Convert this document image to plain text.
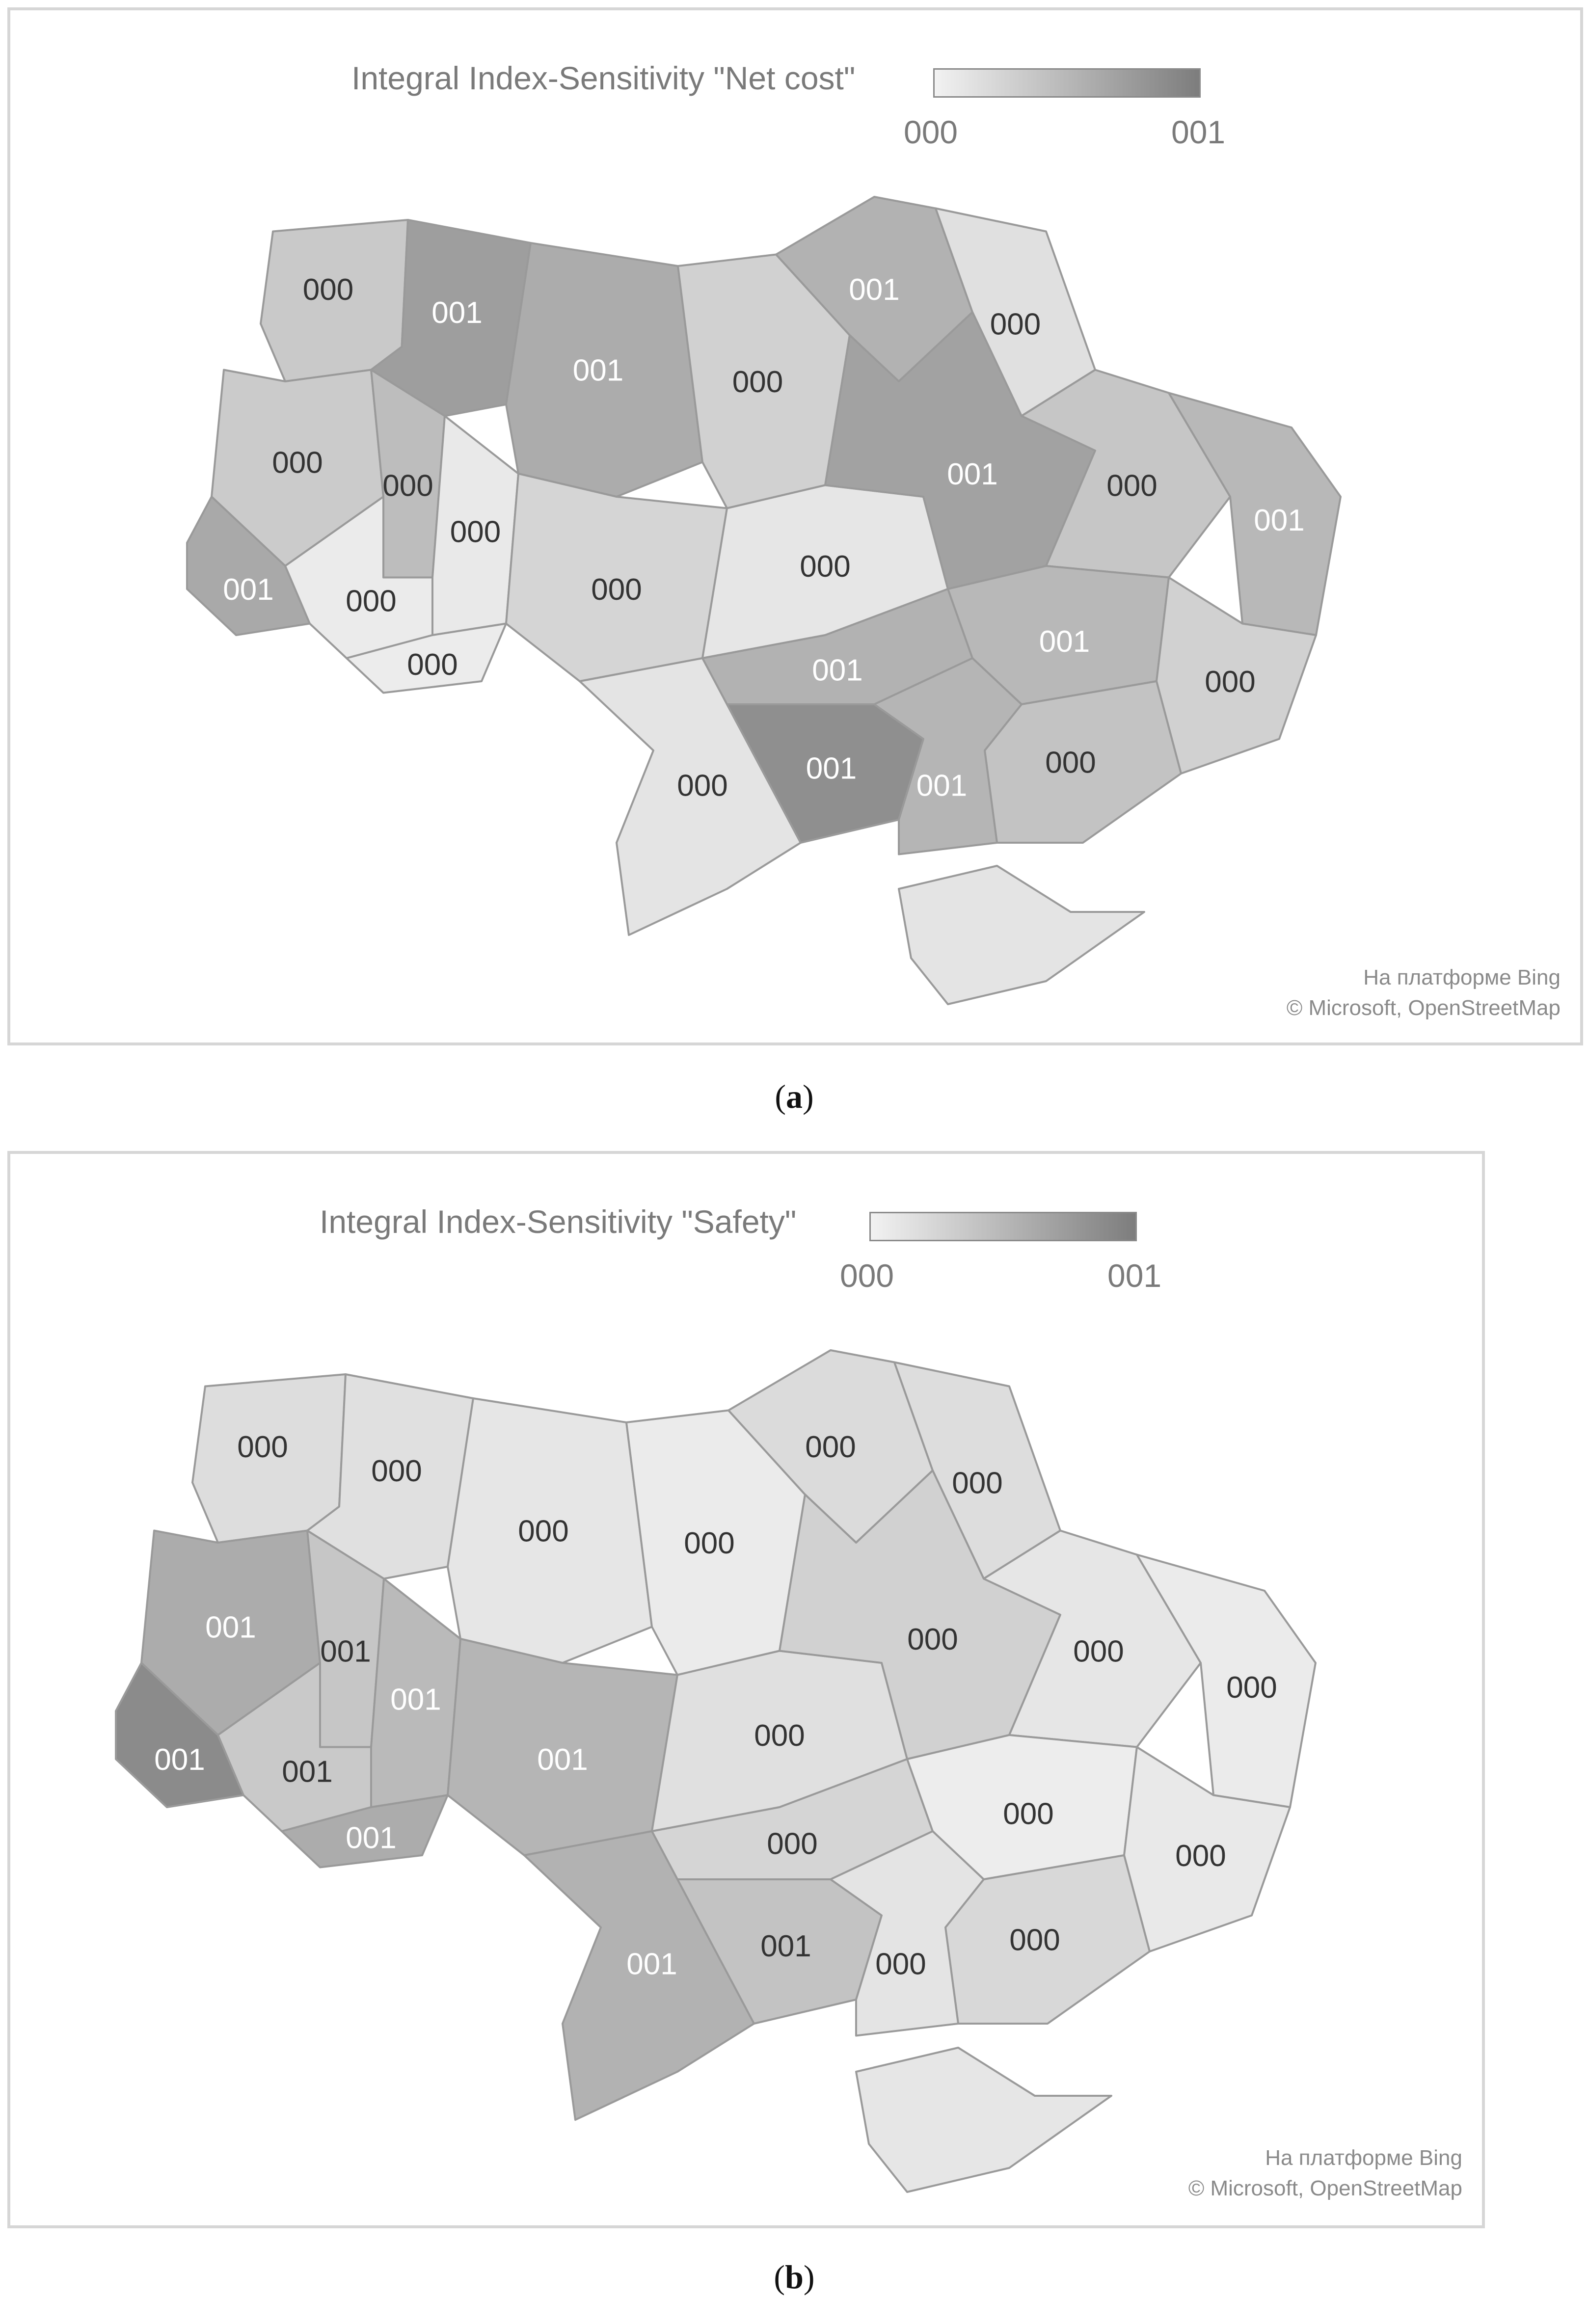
Integral Index-Sensitivity "Net cost"
000	001
000
001
001	000
001
000
000
000
000
000
000
001	000
001
001 000
000	001
001
000
001
000
000
001
На платформе Bing
© Microsoft, OpenStreetMap
(a)
Integral Index-Sensitivity "Safety"
000	001
000
000
000	000
000
000
001
001
001
001
000
000	000
000
001	001
001	000
000
000
001
001
000
000
На платформе Bing
© Microsoft, OpenStreetMap
(b)
